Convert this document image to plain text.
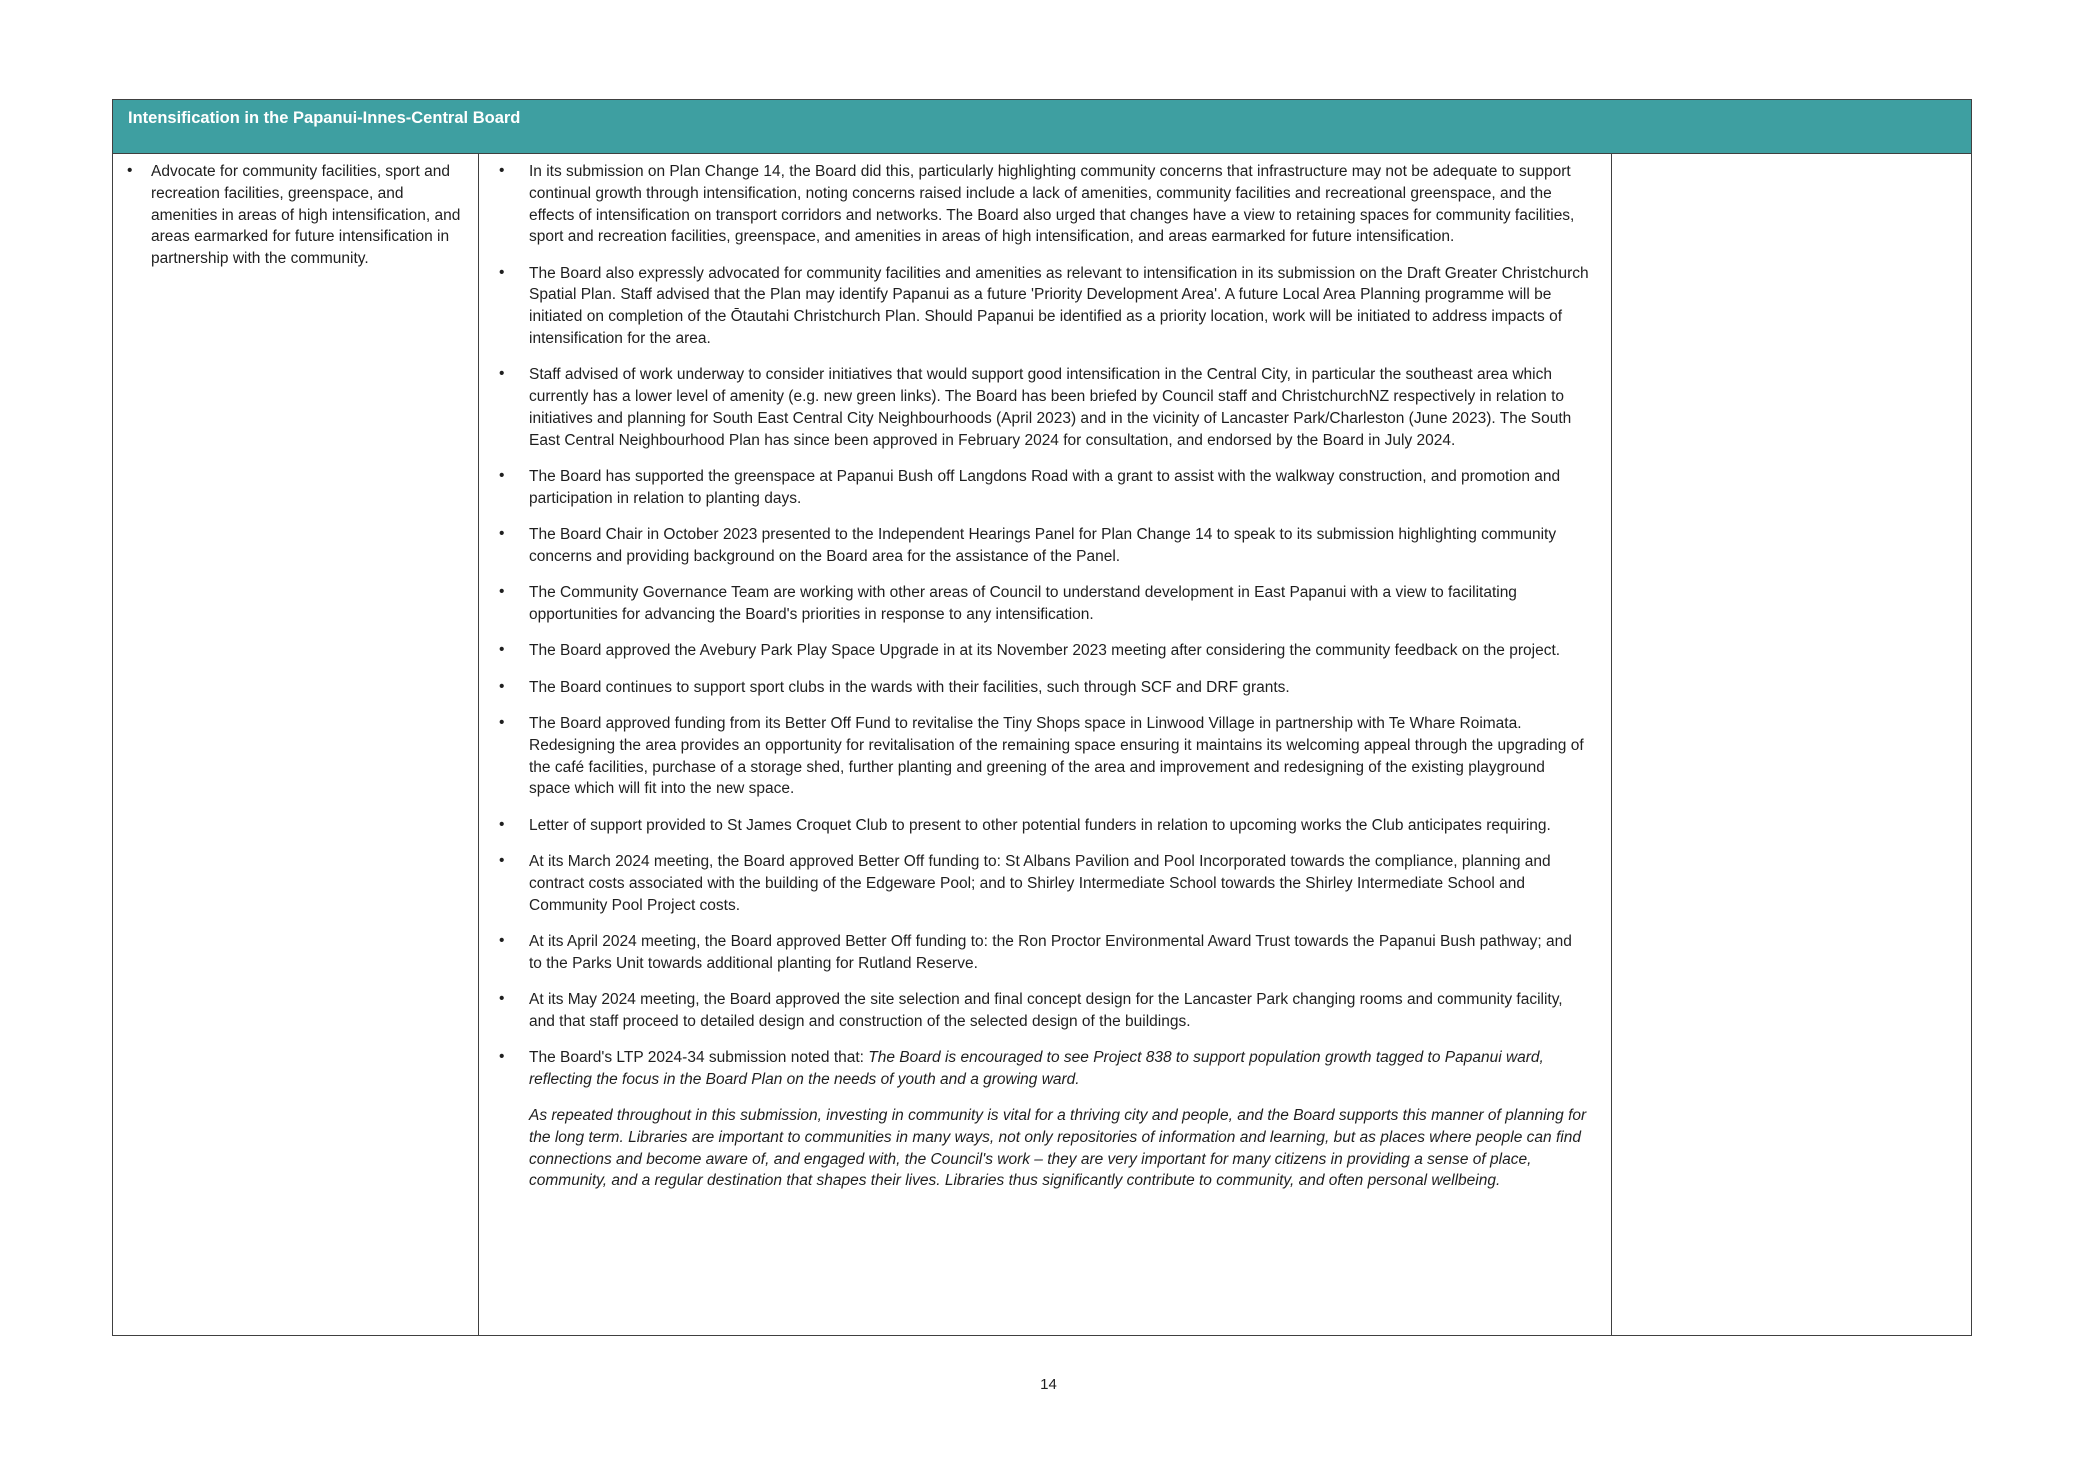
Intensification in the Papanui-Innes-Central Board
• Advocate for community facilities, sport and recreation facilities, greenspace, and amenities in areas of high intensification, and areas earmarked for future intensification in partnership with the community.
• In its submission on Plan Change 14, the Board did this, particularly highlighting community concerns that infrastructure may not be adequate to support continual growth through intensification, noting concerns raised include a lack of amenities, community facilities and recreational greenspace, and the effects of intensification on transport corridors and networks. The Board also urged that changes have a view to retaining spaces for community facilities, sport and recreation facilities, greenspace, and amenities in areas of high intensification, and areas earmarked for future intensification.
• The Board also expressly advocated for community facilities and amenities as relevant to intensification in its submission on the Draft Greater Christchurch Spatial Plan. Staff advised that the Plan may identify Papanui as a future 'Priority Development Area'. A future Local Area Planning programme will be initiated on completion of the Ōtautahi Christchurch Plan. Should Papanui be identified as a priority location, work will be initiated to address impacts of intensification for the area.
• Staff advised of work underway to consider initiatives that would support good intensification in the Central City, in particular the southeast area which currently has a lower level of amenity (e.g. new green links). The Board has been briefed by Council staff and ChristchurchNZ respectively in relation to initiatives and planning for South East Central City Neighbourhoods (April 2023) and in the vicinity of Lancaster Park/Charleston (June 2023). The South East Central Neighbourhood Plan has since been approved in February 2024 for consultation, and endorsed by the Board in July 2024.
• The Board has supported the greenspace at Papanui Bush off Langdons Road with a grant to assist with the walkway construction, and promotion and participation in relation to planting days.
• The Board Chair in October 2023 presented to the Independent Hearings Panel for Plan Change 14 to speak to its submission highlighting community concerns and providing background on the Board area for the assistance of the Panel.
• The Community Governance Team are working with other areas of Council to understand development in East Papanui with a view to facilitating opportunities for advancing the Board's priorities in response to any intensification.
• The Board approved the Avebury Park Play Space Upgrade in at its November 2023 meeting after considering the community feedback on the project.
• The Board continues to support sport clubs in the wards with their facilities, such through SCF and DRF grants.
• The Board approved funding from its Better Off Fund to revitalise the Tiny Shops space in Linwood Village in partnership with Te Whare Roimata. Redesigning the area provides an opportunity for revitalisation of the remaining space ensuring it maintains its welcoming appeal through the upgrading of the café facilities, purchase of a storage shed, further planting and greening of the area and improvement and redesigning of the existing playground space which will fit into the new space.
• Letter of support provided to St James Croquet Club to present to other potential funders in relation to upcoming works the Club anticipates requiring.
• At its March 2024 meeting, the Board approved Better Off funding to: St Albans Pavilion and Pool Incorporated towards the compliance, planning and contract costs associated with the building of the Edgeware Pool; and to Shirley Intermediate School towards the Shirley Intermediate School and Community Pool Project costs.
• At its April 2024 meeting, the Board approved Better Off funding to: the Ron Proctor Environmental Award Trust towards the Papanui Bush pathway; and to the Parks Unit towards additional planting for Rutland Reserve.
• At its May 2024 meeting, the Board approved the site selection and final concept design for the Lancaster Park changing rooms and community facility, and that staff proceed to detailed design and construction of the selected design of the buildings.
• The Board's LTP 2024-34 submission noted that: The Board is encouraged to see Project 838 to support population growth tagged to Papanui ward, reflecting the focus in the Board Plan on the needs of youth and a growing ward.

As repeated throughout in this submission, investing in community is vital for a thriving city and people, and the Board supports this manner of planning for the long term. Libraries are important to communities in many ways, not only repositories of information and learning, but as places where people can find connections and become aware of, and engaged with, the Council's work – they are very important for many citizens in providing a sense of place, community, and a regular destination that shapes their lives. Libraries thus significantly contribute to community, and often personal wellbeing.

14
